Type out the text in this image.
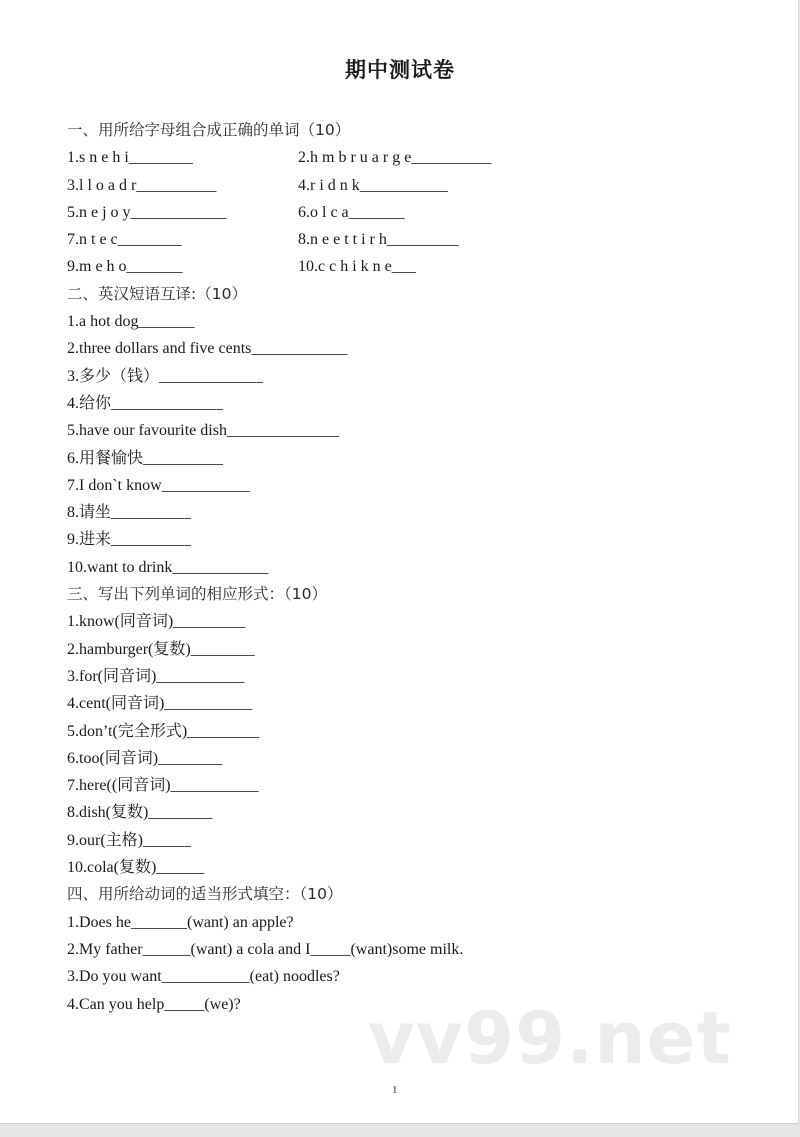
期中测试卷
一、用所给字母组合成正确的单词（10）
1.s n e h i________	2.h m b r u a r g e__________
3.l l o a d r__________	4.r i d n k___________
5.n e j o y____________	6.o l c a_______
7.n t e c________	8.n e e t t i r h_________
9.m e h o_______	10.c c h i k n e___
二、英汉短语互译:（10）
1.a hot dog_______
2.three dollars and five cents____________
3.多少（钱）_____________
4.给你______________
5.have our favourite dish______________
6.用餐愉快__________
7.I don`t know___________
8.请坐__________
9.进来__________
10.want to drink____________
三、写出下列单词的相应形式：（10）
1.know(同音词)_________
2.hamburger(复数)________
3.for(同音词)___________
4.cent(同音词)___________
5.don’t(完全形式)_________
6.too(同音词)________
7.here((同音词)___________
8.dish(复数)________
9.our(主格)______
10.cola(复数)______
四、用所给动词的适当形式填空：（10）
1.Does he_______(want) an apple?
2.My father______(want) a cola and I_____(want)some milk.
3.Do you want___________(eat) noodles?
4.Can you help_____(we)?	vv99.net
1
